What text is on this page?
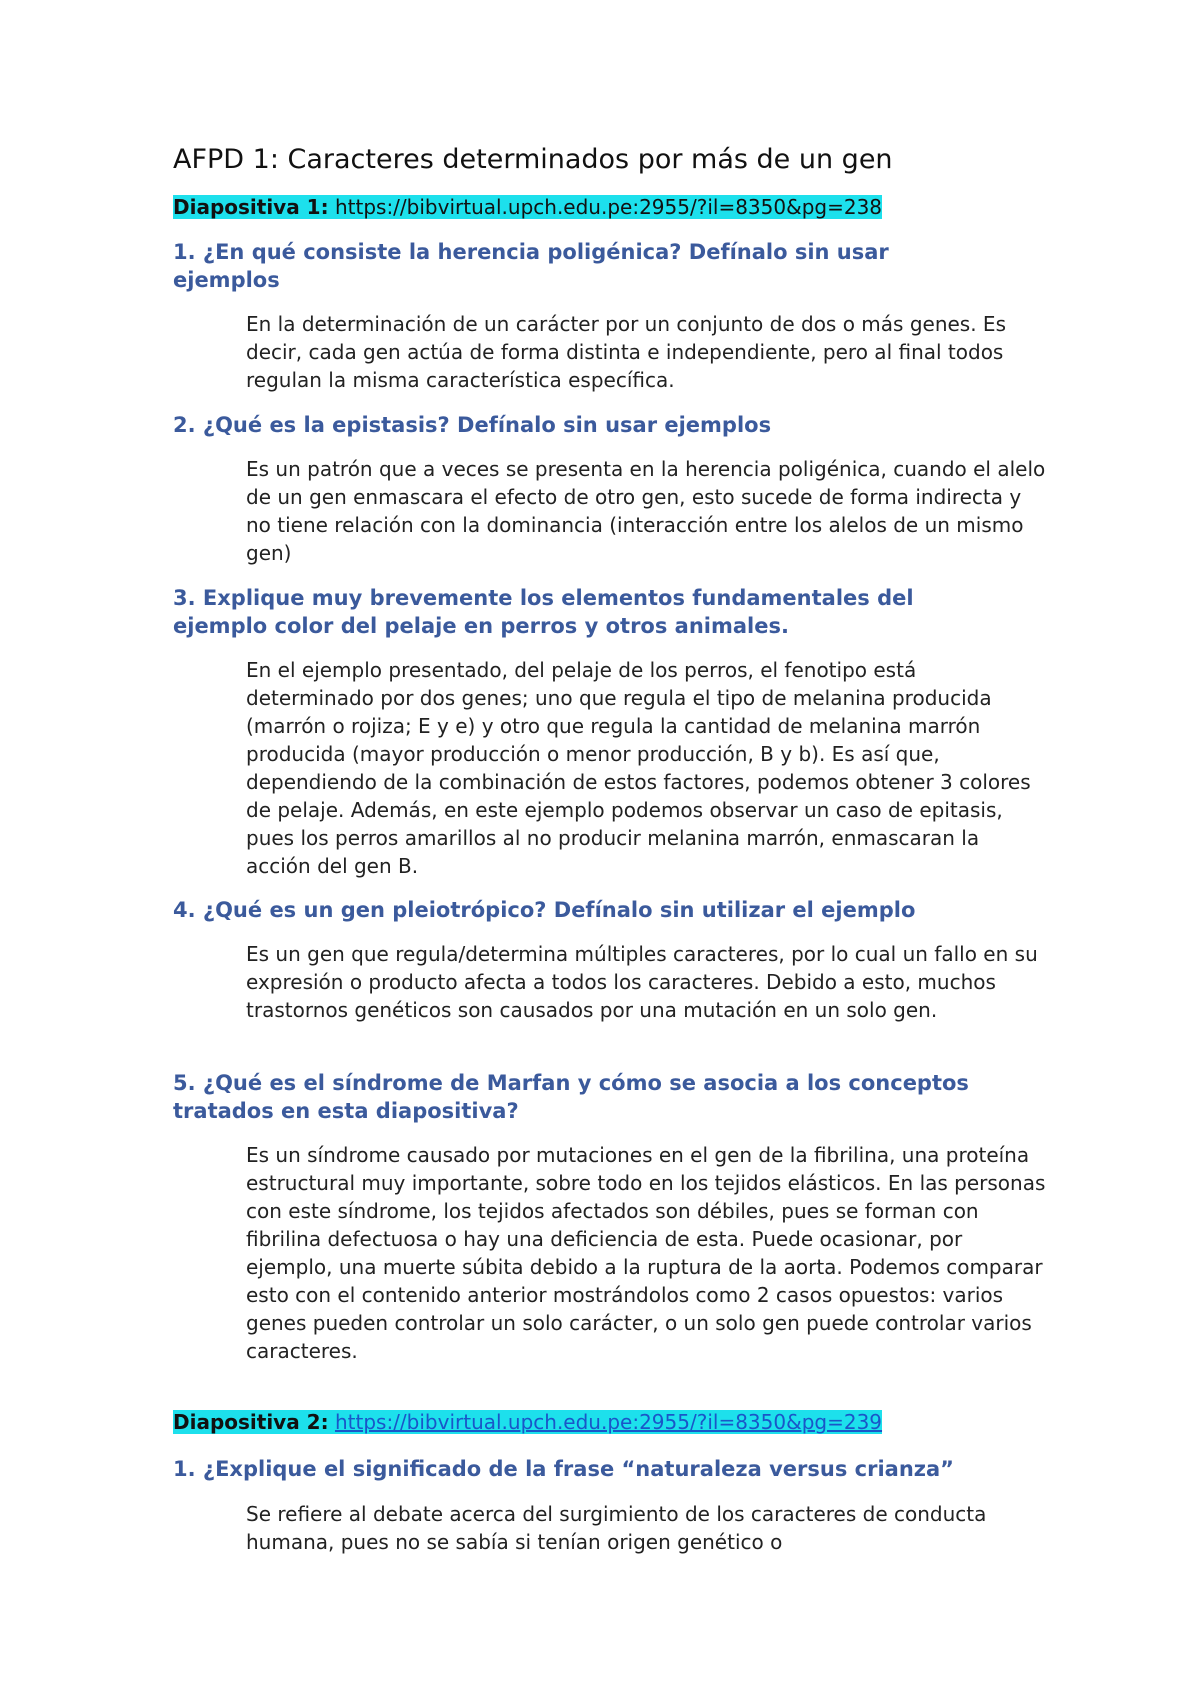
AFPD 1: Caracteres determinados por más de un gen
Diapositiva 1: https://bibvirtual.upch.edu.pe:2955/?il=8350&pg=238
1. ¿En qué consiste la herencia poligénica? Defínalo sin usar ejemplos
En la determinación de un carácter por un conjunto de dos o más genes. Es decir, cada gen actúa de forma distinta e independiente, pero al final todos regulan la misma característica específica.
2. ¿Qué es la epistasis? Defínalo sin usar ejemplos
Es un patrón que a veces se presenta en la herencia poligénica, cuando el alelo de un gen enmascara el efecto de otro gen, esto sucede de forma indirecta y no tiene relación con la dominancia (interacción entre los alelos de un mismo gen)
3. Explique muy brevemente los elementos fundamentales del ejemplo color del pelaje en perros y otros animales.
En el ejemplo presentado, del pelaje de los perros, el fenotipo está determinado por dos genes; uno que regula el tipo de melanina producida (marrón o rojiza; E y e) y otro que regula la cantidad de melanina marrón producida (mayor producción o menor producción, B y b). Es así que, dependiendo de la combinación de estos factores, podemos obtener 3 colores de pelaje. Además, en este ejemplo podemos observar un caso de epitasis, pues los perros amarillos al no producir melanina marrón, enmascaran la acción del gen B.
4. ¿Qué es un gen pleiotrópico? Defínalo sin utilizar el ejemplo
Es un gen que regula/determina múltiples caracteres, por lo cual un fallo en su expresión o producto afecta a todos los caracteres. Debido a esto, muchos trastornos genéticos son causados por una mutación en un solo gen.
5. ¿Qué es el síndrome de Marfan y cómo se asocia a los conceptos tratados en esta diapositiva?
Es un síndrome causado por mutaciones en el gen de la fibrilina, una proteína estructural muy importante, sobre todo en los tejidos elásticos. En las personas con este síndrome, los tejidos afectados son débiles, pues se forman con fibrilina defectuosa o hay una deficiencia de esta. Puede ocasionar, por ejemplo, una muerte súbita debido a la ruptura de la aorta. Podemos comparar esto con el contenido anterior mostrándolos como 2 casos opuestos: varios genes pueden controlar un solo carácter, o un solo gen puede controlar varios caracteres.
Diapositiva 2: https://bibvirtual.upch.edu.pe:2955/?il=8350&pg=239
1. ¿Explique el significado de la frase “naturaleza versus crianza”
Se refiere al debate acerca del surgimiento de los caracteres de conducta humana, pues no se sabía si tenían origen genético o
